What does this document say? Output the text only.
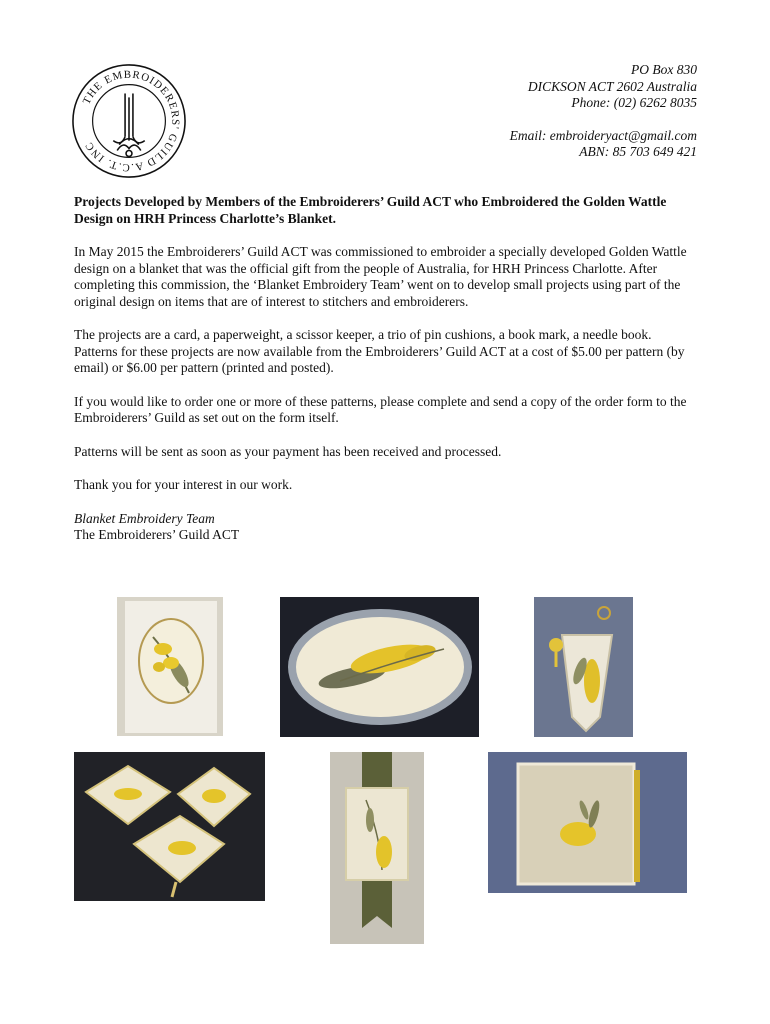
THE EMBROIDERERS' GUILD A.C.T. INC
PO Box 830
DICKSON ACT 2602 Australia
Phone: (02) 6262 8035
Email: embroideryact@gmail.com
ABN: 85 703 649 421

Projects Developed by Members of the Embroiderers’ Guild ACT who Embroidered the Golden Wattle Design on HRH Princess Charlotte’s Blanket.

In May 2015 the Embroiderers’ Guild ACT was commissioned to embroider a specially developed Golden Wattle design on a blanket that was the official gift from the people of Australia, for HRH Princess Charlotte. After completing this commission, the ‘Blanket Embroidery Team’ went on to develop small projects using part of the original design on items that are of interest to stitchers and embroiderers.

The projects are a card, a paperweight, a scissor keeper, a trio of pin cushions, a book mark, a needle book. Patterns for these projects are now available from the Embroiderers’ Guild ACT at a cost of $5.00 per pattern (by email) or $6.00 per pattern (printed and posted).

If you would like to order one or more of these patterns, please complete and send a copy of the order form to the Embroiderers’ Guild as set out on the form itself.

Patterns will be sent as soon as your payment has been received and processed.

Thank you for your interest in our work.

Blanket Embroidery Team
The Embroiderers’ Guild ACT
